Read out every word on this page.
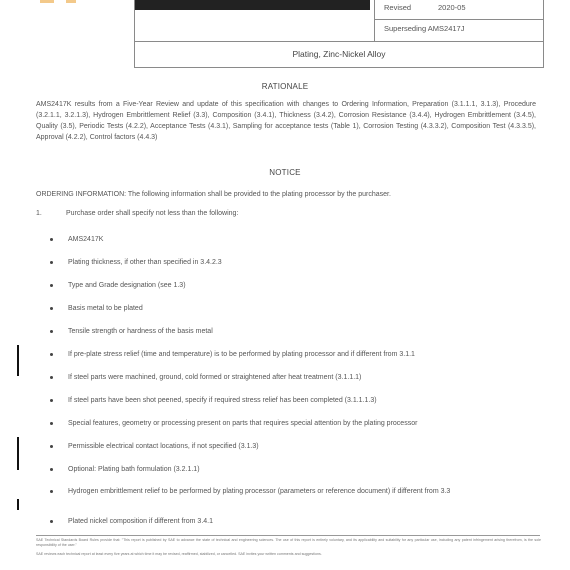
Revised	2020-05
Superseding AMS2417J
Plating, Zinc-Nickel Alloy
RATIONALE
AMS2417K results from a Five-Year Review and update of this specification with changes to Ordering Information, Preparation (3.1.1.1, 3.1.3), Procedure (3.2.1.1, 3.2.1.3), Hydrogen Embrittlement Relief (3.3), Composition (3.4.1), Thickness (3.4.2), Corrosion Resistance (3.4.4), Hydrogen Embrittlement (3.4.5), Quality (3.5), Periodic Tests (4.2.2), Acceptance Tests (4.3.1), Sampling for acceptance tests (Table 1), Corrosion Testing (4.3.3.2), Composition Test (4.3.3.5), Approval (4.2.2), Control factors (4.4.3)
NOTICE
ORDERING INFORMATION: The following information shall be provided to the plating processor by the purchaser.
1.	Purchase order shall specify not less than the following:
AMS2417K
Plating thickness, if other than specified in 3.4.2.3
Type and Grade designation (see 1.3)
Basis metal to be plated
Tensile strength or hardness of the basis metal
If pre-plate stress relief (time and temperature) is to be performed by plating processor and if different from 3.1.1
If steel parts were machined, ground, cold formed or straightened after heat treatment (3.1.1.1)
If steel parts have been shot peened, specify if required stress relief has been completed (3.1.1.1.3)
Special features, geometry or processing present on parts that requires special attention by the plating processor
Permissible electrical contact locations, if not specified (3.1.3)
Optional: Plating bath formulation (3.2.1.1)
Hydrogen embrittlement relief to be performed by plating processor (parameters or reference document) if different from 3.3
Plated nickel composition if different from 3.4.1
SAE Technical Standards Board Rules provide that: "This report is published by SAE to advance the state of technical and engineering sciences. The use of this report is entirely voluntary, and its applicability and suitability for any particular use, including any patent infringement arising therefrom, is the sole responsibility of the user."
SAE reviews each technical report at least every five years at which time it may be revised, reaffirmed, stabilized, or cancelled. SAE invites your written comments and suggestions.
